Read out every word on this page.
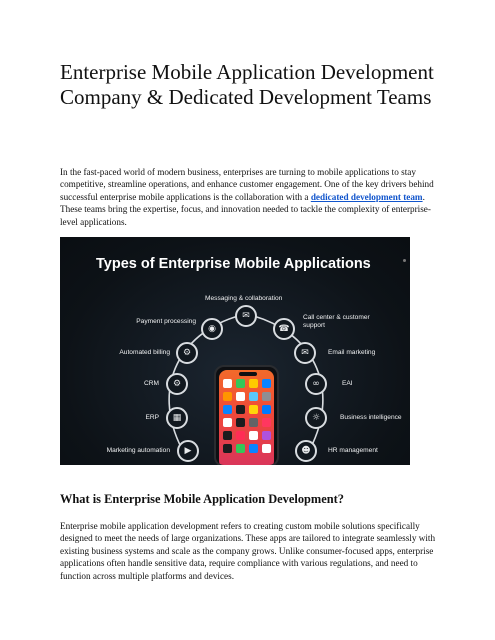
Enterprise Mobile Application Development Company & Dedicated Development Teams

In the fast-paced world of modern business, enterprises are turning to mobile applications to stay competitive, streamline operations, and enhance customer engagement. One of the key drivers behind successful enterprise mobile applications is the collaboration with a dedicated development team. These teams bring the expertise, focus, and innovation needed to tackle the complexity of enterprise-level applications.

Types of Enterprise Mobile Applications

✉
◉	☎
⚙	✉
⚙	∞
▦	☼
▶	☻
Messaging & collaboration
Payment processing
Call center & customer support
Automated billing	Email marketing
CRM	EAI
ERP	Business intelligence
Marketing automation	HR management
What is Enterprise Mobile Application Development?

Enterprise mobile application development refers to creating custom mobile solutions specifically designed to meet the needs of large organizations. These apps are tailored to integrate seamlessly with existing business systems and scale as the company grows. Unlike consumer-focused apps, enterprise applications often handle sensitive data, require compliance with various regulations, and need to function across multiple platforms and devices.
